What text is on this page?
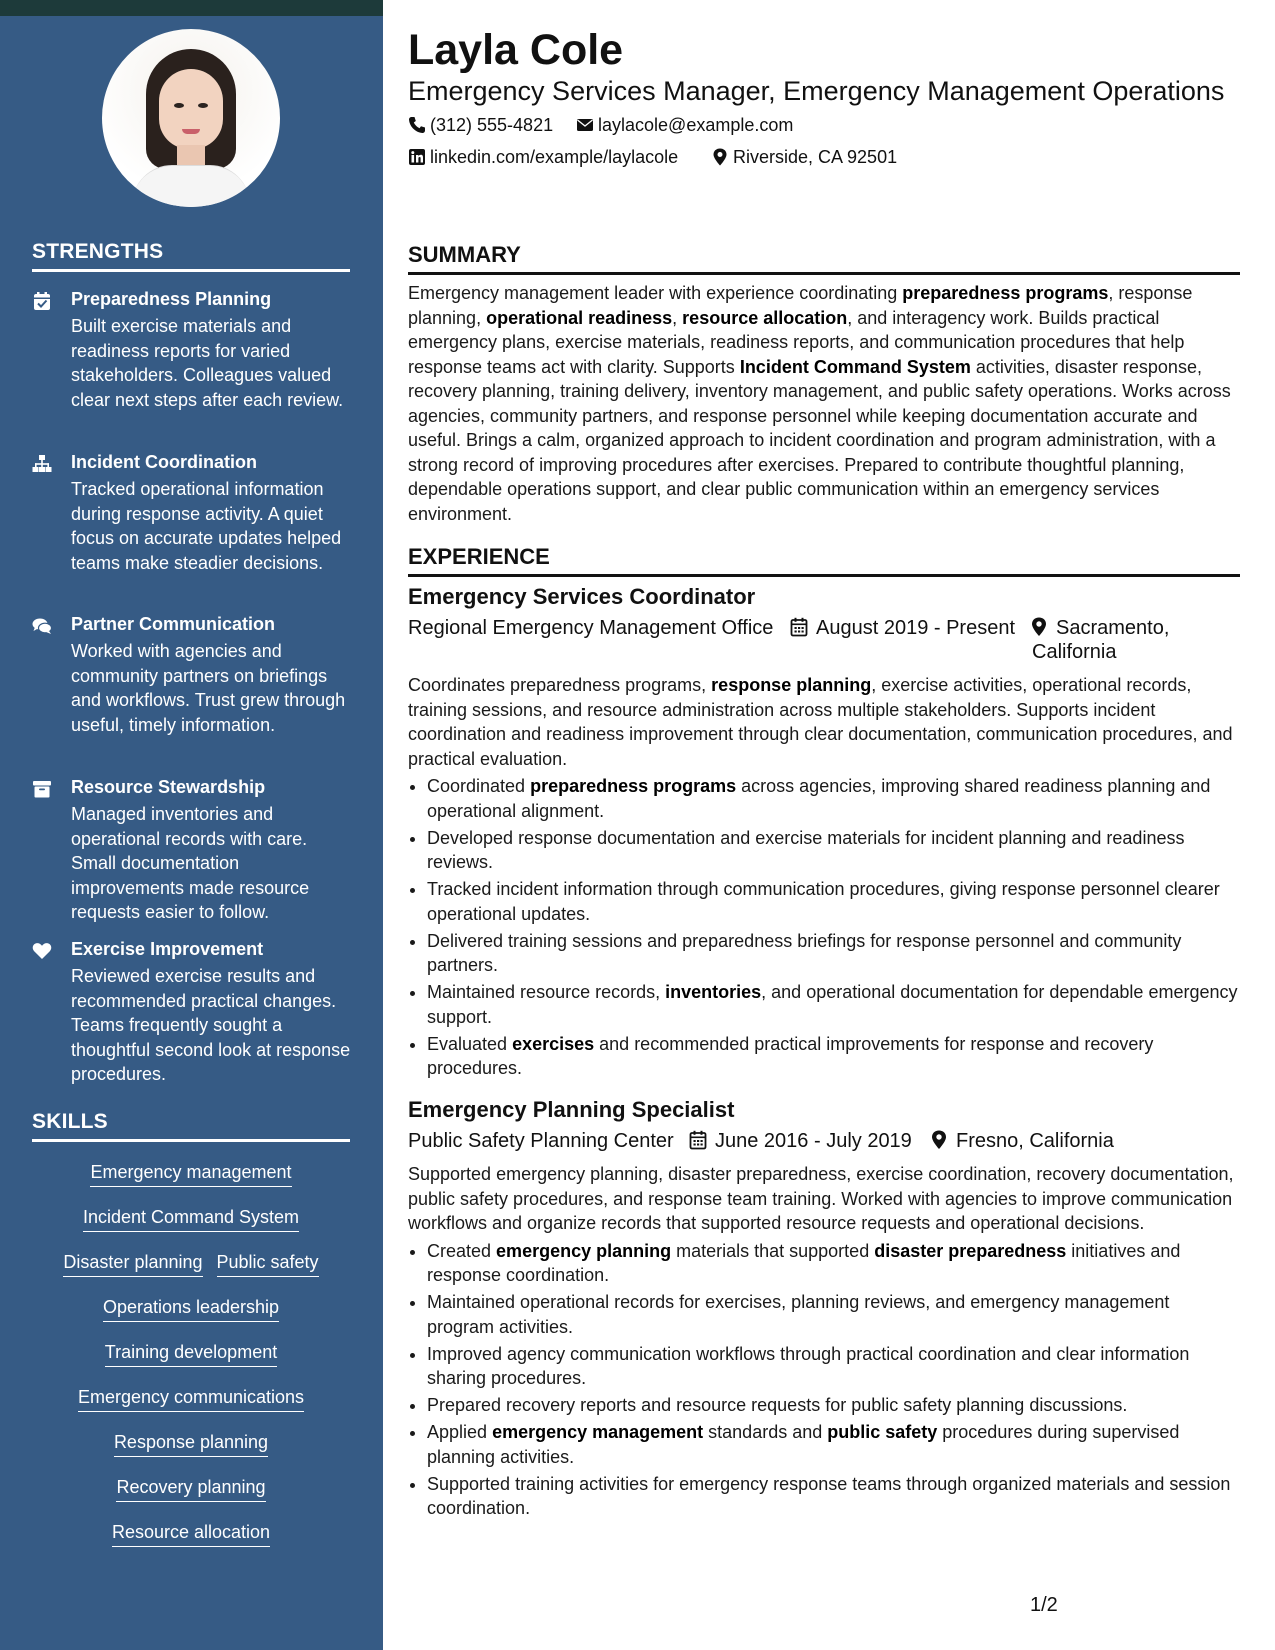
STRENGTHS
Preparedness Planning
Built exercise materials and readiness reports for varied stakeholders. Colleagues valued clear next steps after each review.
Incident Coordination
Tracked operational information during response activity. A quiet focus on accurate updates helped teams make steadier decisions.
Partner Communication
Worked with agencies and community partners on briefings and workflows. Trust grew through useful, timely information.
Resource Stewardship
Managed inventories and operational records with care. Small documentation improvements made resource requests easier to follow.
Exercise Improvement
Reviewed exercise results and recommended practical changes. Teams frequently sought a thoughtful second look at response procedures.
SKILLS
Emergency management
Incident Command System
Disaster planning Public safety
Operations leadership
Training development
Emergency communications
Response planning
Recovery planning
Resource allocation
Layla Cole
Emergency Services Manager, Emergency Management Operations
(312) 555-4821	laylacole@example.com
linkedin.com/example/laylacole	Riverside, CA 92501
SUMMARY
Emergency management leader with experience coordinating preparedness programs, response planning, operational readiness, resource allocation, and interagency work. Builds practical emergency plans, exercise materials, readiness reports, and communication procedures that help response teams act with clarity. Supports Incident Command System activities, disaster response, recovery planning, training delivery, inventory management, and public safety operations. Works across agencies, community partners, and response personnel while keeping documentation accurate and useful. Brings a calm, organized approach to incident coordination and program administration, with a strong record of improving procedures after exercises. Prepared to contribute thoughtful planning, dependable operations support, and clear public communication within an emergency services environment.
EXPERIENCE
Emergency Services Coordinator
Regional Emergency Management Office	August 2019 - Present	Sacramento,
California
Coordinates preparedness programs, response planning, exercise activities, operational records, training sessions, and resource administration across multiple stakeholders. Supports incident coordination and readiness improvement through clear documentation, communication procedures, and practical evaluation.
• Coordinated preparedness programs across agencies, improving shared readiness planning and operational alignment.
• Developed response documentation and exercise materials for incident planning and readiness reviews.
• Tracked incident information through communication procedures, giving response personnel clearer operational updates.
• Delivered training sessions and preparedness briefings for response personnel and community partners.
• Maintained resource records, inventories, and operational documentation for dependable emergency support.
• Evaluated exercises and recommended practical improvements for response and recovery procedures.
Emergency Planning Specialist
Public Safety Planning Center	June 2016 - July 2019	Fresno, California
Supported emergency planning, disaster preparedness, exercise coordination, recovery documentation, public safety procedures, and response team training. Worked with agencies to improve communication workflows and organize records that supported resource requests and operational decisions.
• Created emergency planning materials that supported disaster preparedness initiatives and response coordination.
• Maintained operational records for exercises, planning reviews, and emergency management program activities.
• Improved agency communication workflows through practical coordination and clear information sharing procedures.
• Prepared recovery reports and resource requests for public safety planning discussions.
• Applied emergency management standards and public safety procedures during supervised planning activities.
• Supported training activities for emergency response teams through organized materials and session coordination.
1/2
